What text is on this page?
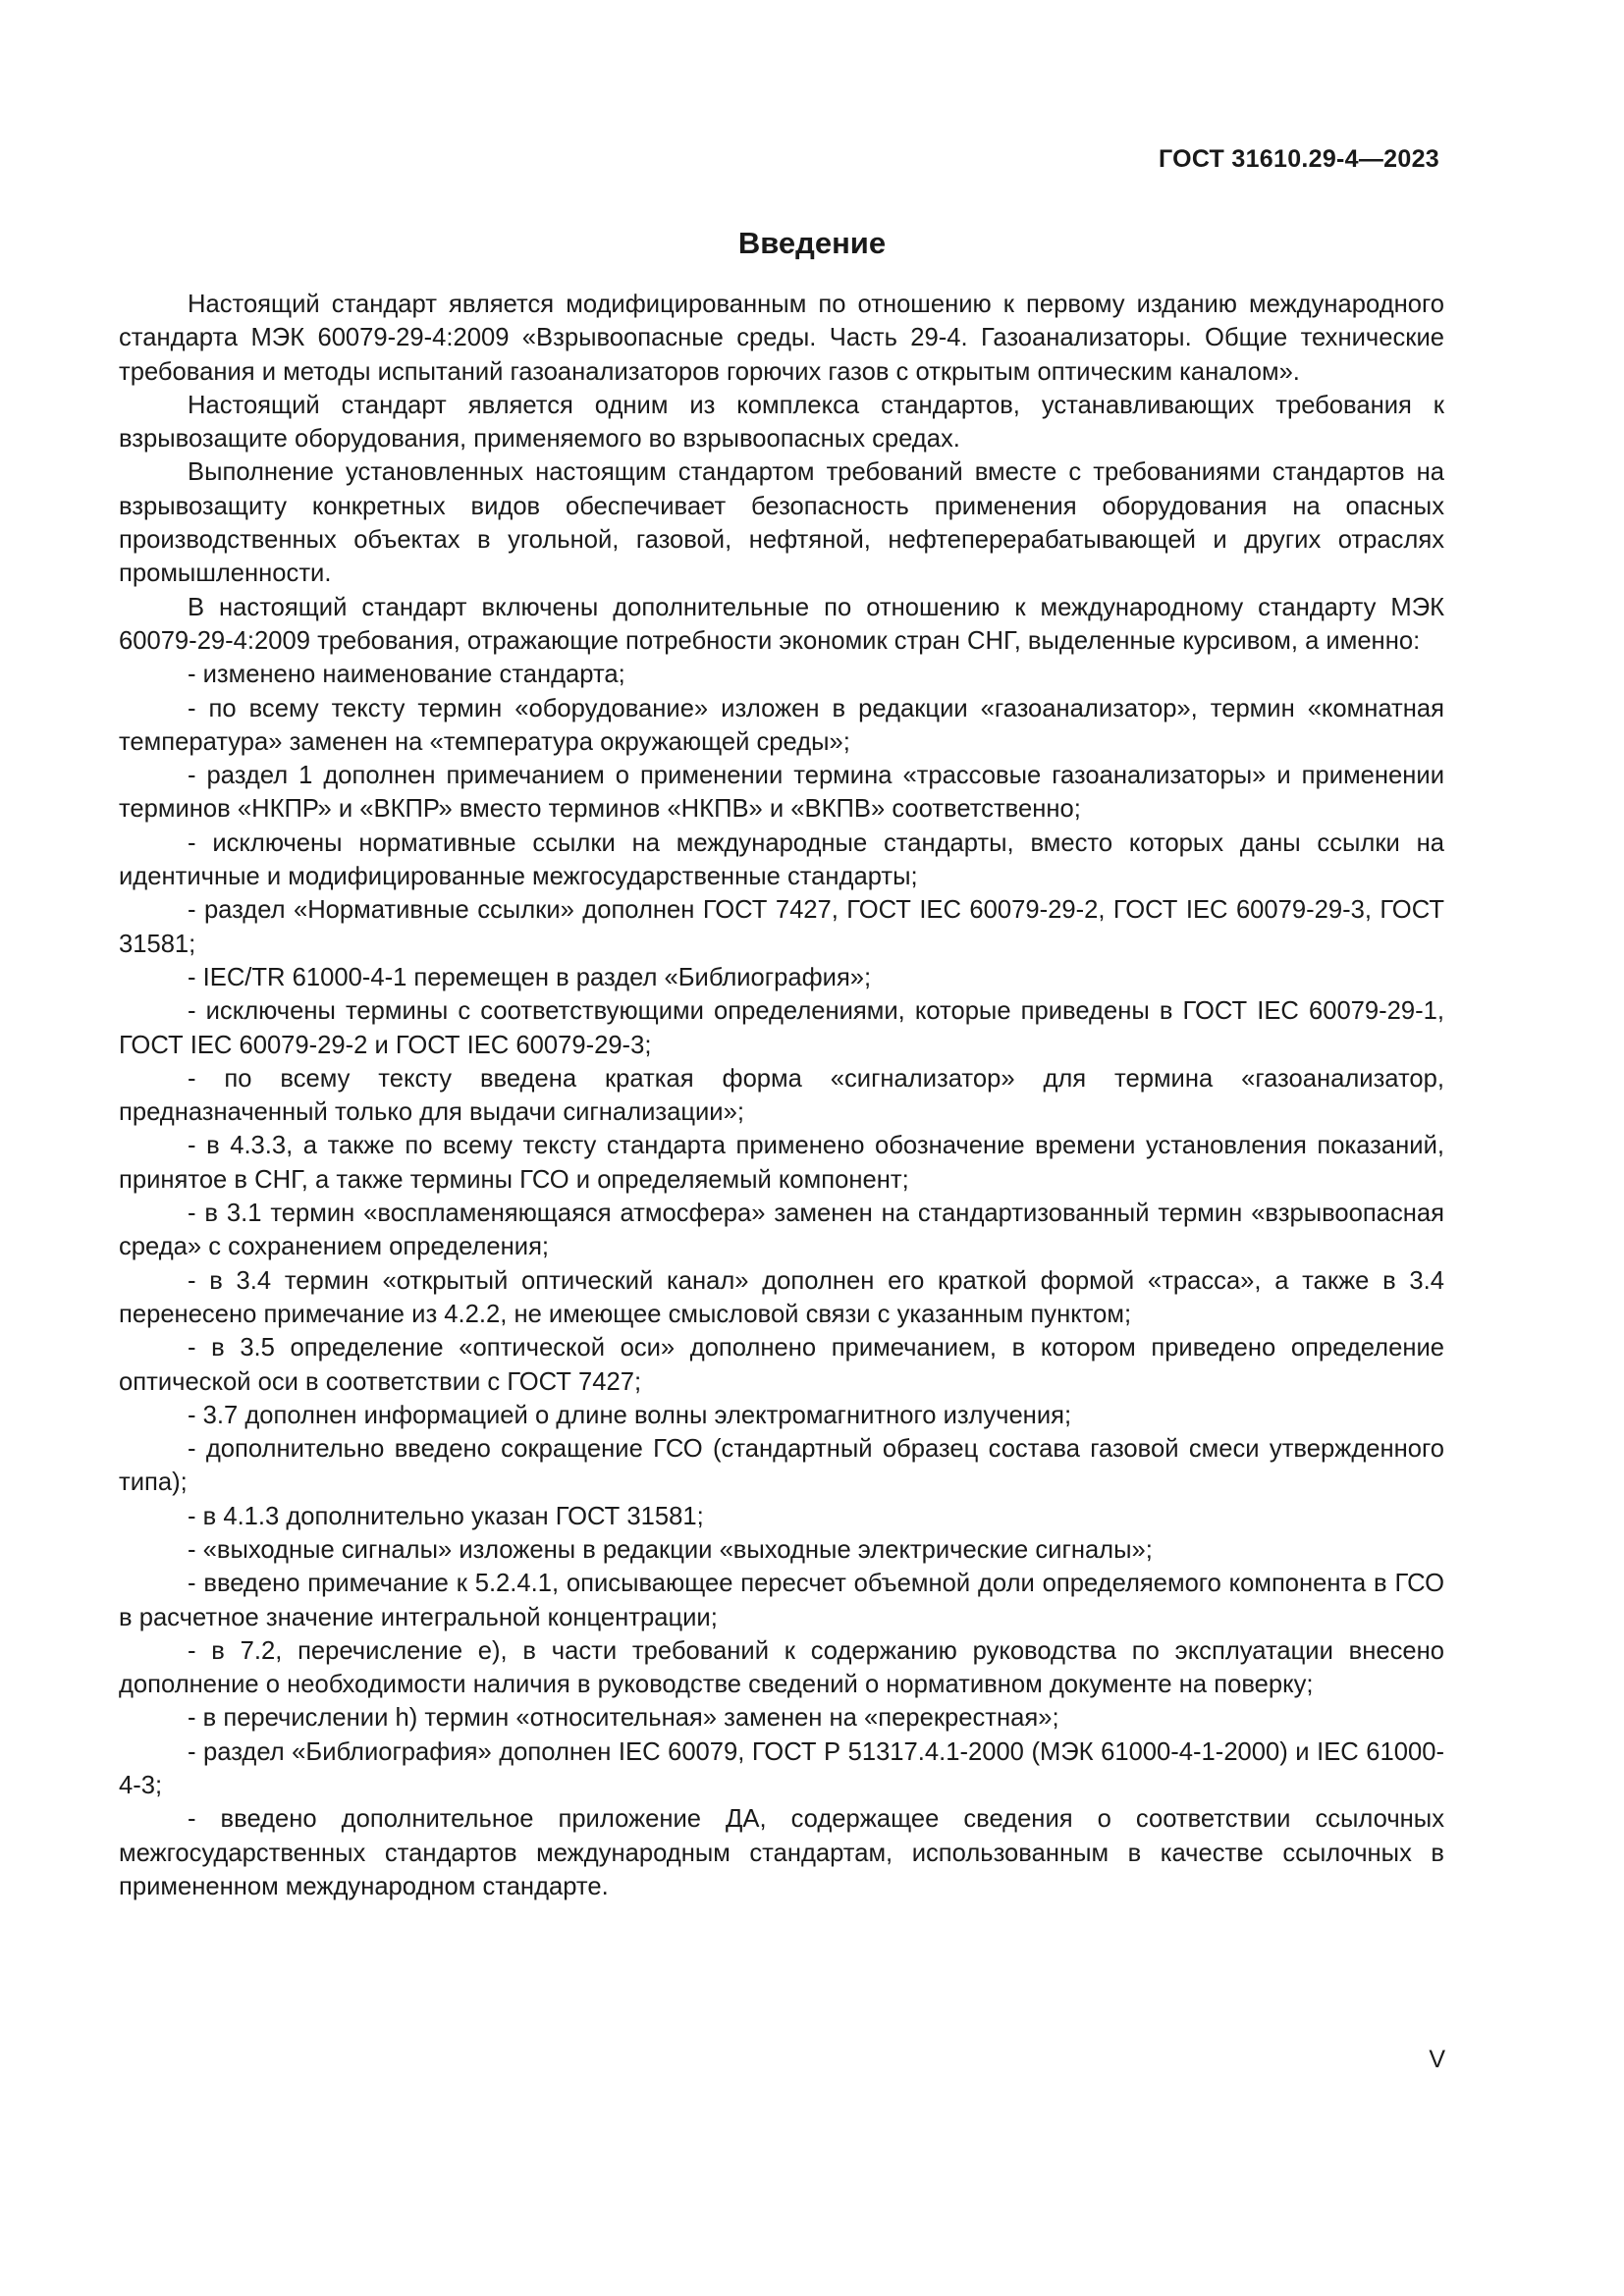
ГОСТ 31610.29-4—2023
Введение

Настоящий стандарт является модифицированным по отношению к первому изданию международного стандарта МЭК 60079-29-4:2009 «Взрывоопасные среды. Часть 29-4. Газоанализаторы. Общие технические требования и методы испытаний газоанализаторов горючих газов с открытым оптическим каналом».

Настоящий стандарт является одним из комплекса стандартов, устанавливающих требования к взрывозащите оборудования, применяемого во взрывоопасных средах.

Выполнение установленных настоящим стандартом требований вместе с требованиями стандартов на взрывозащиту конкретных видов обеспечивает безопасность применения оборудования на опасных производственных объектах в угольной, газовой, нефтяной, нефтеперерабатывающей и других отраслях промышленности.

В настоящий стандарт включены дополнительные по отношению к международному стандарту МЭК 60079-29-4:2009 требования, отражающие потребности экономик стран СНГ, выделенные курсивом, а именно:

- изменено наименование стандарта;

- по всему тексту термин «оборудование» изложен в редакции «газоанализатор», термин «комнатная температура» заменен на «температура окружающей среды»;

- раздел 1 дополнен примечанием о применении термина «трассовые газоанализаторы» и применении терминов «НКПР» и «ВКПР» вместо терминов «НКПВ» и «ВКПВ» соответственно;

- исключены нормативные ссылки на международные стандарты, вместо которых даны ссылки на идентичные и модифицированные межгосударственные стандарты;

- раздел «Нормативные ссылки» дополнен ГОСТ 7427, ГОСТ IEC 60079-29-2, ГОСТ IEC 60079-29-3, ГОСТ 31581;

- IEC/TR 61000-4-1 перемещен в раздел «Библиография»;

- исключены термины с соответствующими определениями, которые приведены в ГОСТ IEC 60079-29-1, ГОСТ IEC 60079-29-2 и ГОСТ IEC 60079-29-3;

- по всему тексту введена краткая форма «сигнализатор» для термина «газоанализатор, предназначенный только для выдачи сигнализации»;

- в 4.3.3, а также по всему тексту стандарта применено обозначение времени установления показаний, принятое в СНГ, а также термины ГСО и определяемый компонент;

- в 3.1 термин «воспламеняющаяся атмосфера» заменен на стандартизованный термин «взрывоопасная среда» с сохранением определения;

- в 3.4 термин «открытый оптический канал» дополнен его краткой формой «трасса», а также в 3.4 перенесено примечание из 4.2.2, не имеющее смысловой связи с указанным пунктом;

- в 3.5 определение «оптической оси» дополнено примечанием, в котором приведено определение оптической оси в соответствии с ГОСТ 7427;

- 3.7 дополнен информацией о длине волны электромагнитного излучения;

- дополнительно введено сокращение ГСО (стандартный образец состава газовой смеси утвержденного типа);

- в 4.1.3 дополнительно указан ГОСТ 31581;

- «выходные сигналы» изложены в редакции «выходные электрические сигналы»;

- введено примечание к 5.2.4.1, описывающее пересчет объемной доли определяемого компонента в ГСО в расчетное значение интегральной концентрации;

- в 7.2, перечисление е), в части требований к содержанию руководства по эксплуатации внесено дополнение о необходимости наличия в руководстве сведений о нормативном документе на поверку;

- в перечислении h) термин «относительная» заменен на «перекрестная»;

- раздел «Библиография» дополнен IEC 60079, ГОСТ Р 51317.4.1-2000 (МЭК 61000-4-1-2000) и IEC 61000-4-3;

- введено дополнительное приложение ДА, содержащее сведения о соответствии ссылочных межгосударственных стандартов международным стандартам, использованным в качестве ссылочных в примененном международном стандарте.

V
